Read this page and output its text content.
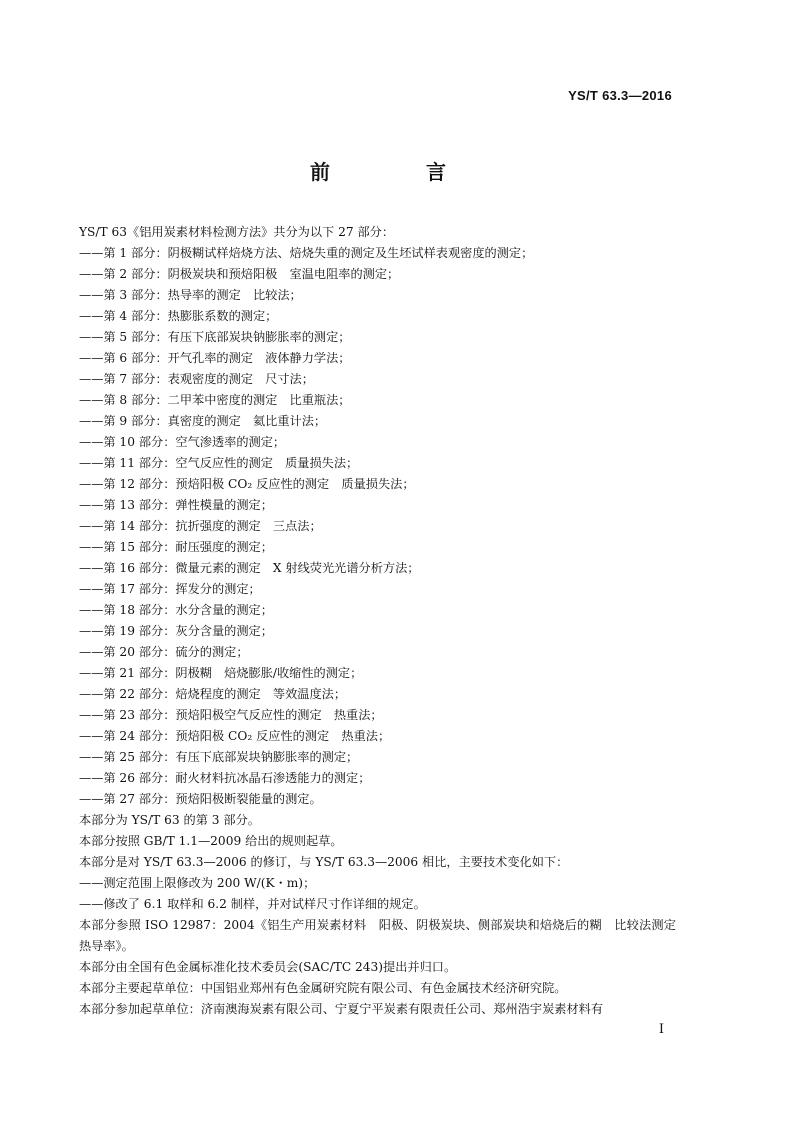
YS/T 63.3—2016
前　言
YS/T 63《铝用炭素材料检测方法》共分为以下 27 部分：
——第 1 部分：阴极糊试样焙烧方法、焙烧失重的测定及生坯试样表观密度的测定；
——第 2 部分：阴极炭块和预焙阳极　室温电阻率的测定；
——第 3 部分：热导率的测定　比较法；
——第 4 部分：热膨胀系数的测定；
——第 5 部分：有压下底部炭块钠膨胀率的测定；
——第 6 部分：开气孔率的测定　液体静力学法；
——第 7 部分：表观密度的测定　尺寸法；
——第 8 部分：二甲苯中密度的测定　比重瓶法；
——第 9 部分：真密度的测定　氦比重计法；
——第 10 部分：空气渗透率的测定；
——第 11 部分：空气反应性的测定　质量损失法；
——第 12 部分：预焙阳极 CO₂ 反应性的测定　质量损失法；
——第 13 部分：弹性模量的测定；
——第 14 部分：抗折强度的测定　三点法；
——第 15 部分：耐压强度的测定；
——第 16 部分：微量元素的测定　X 射线荧光光谱分析方法；
——第 17 部分：挥发分的测定；
——第 18 部分：水分含量的测定；
——第 19 部分：灰分含量的测定；
——第 20 部分：硫分的测定；
——第 21 部分：阴极糊　焙烧膨胀/收缩性的测定；
——第 22 部分：焙烧程度的测定　等效温度法；
——第 23 部分：预焙阳极空气反应性的测定　热重法；
——第 24 部分：预焙阳极 CO₂ 反应性的测定　热重法；
——第 25 部分：有压下底部炭块钠膨胀率的测定；
——第 26 部分：耐火材料抗冰晶石渗透能力的测定；
——第 27 部分：预焙阳极断裂能量的测定。
本部分为 YS/T 63 的第 3 部分。
本部分按照 GB/T 1.1—2009 给出的规则起草。
本部分是对 YS/T 63.3—2006 的修订，与 YS/T 63.3—2006 相比，主要技术变化如下：
——测定范围上限修改为 200 W/(K・m)；
——修改了 6.1 取样和 6.2 制样，并对试样尺寸作详细的规定。
本部分参照 ISO 12987：2004《铝生产用炭素材料　阳极、阴极炭块、侧部炭块和焙烧后的糊　比较法测定热导率》。
本部分由全国有色金属标准化技术委员会(SAC/TC 243)提出并归口。
本部分主要起草单位：中国铝业郑州有色金属研究院有限公司、有色金属技术经济研究院。
本部分参加起草单位：济南澳海炭素有限公司、宁夏宁平炭素有限责任公司、郑州浩宇炭素材料有
I
